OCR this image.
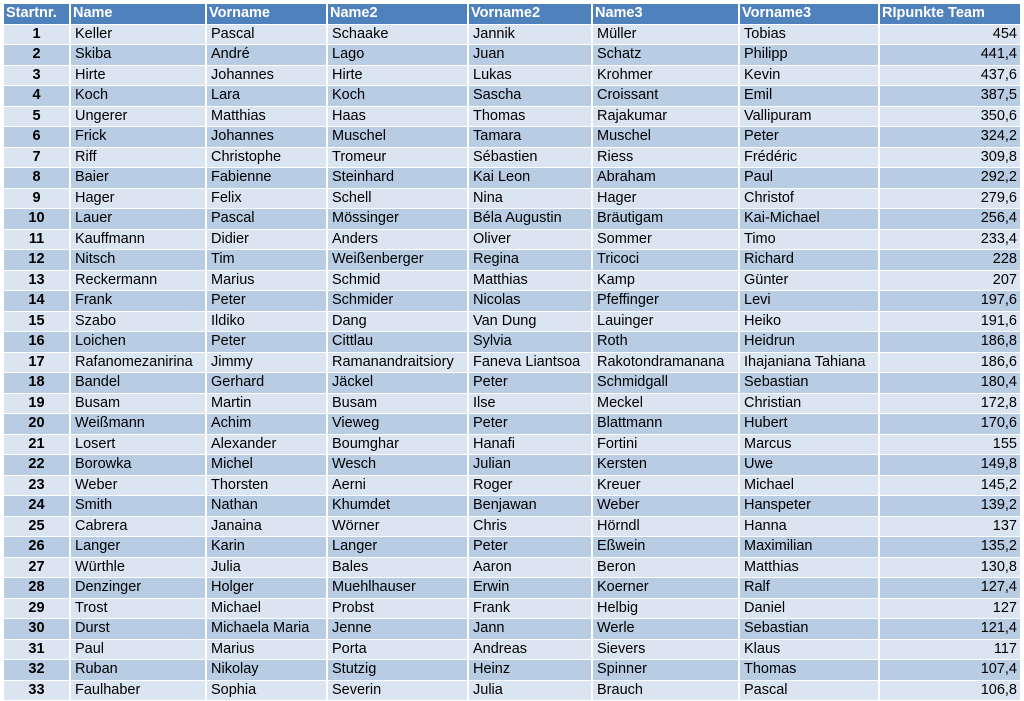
Startnr.	Name	Vorname	Name2	Vorname2	Name3	Vorname3	RIpunkte Team
1	Keller	Pascal	Schaake	Jannik	Müller	Tobias	454
2	Skiba	André	Lago	Juan	Schatz	Philipp	441,4
3	Hirte	Johannes	Hirte	Lukas	Krohmer	Kevin	437,6
4	Koch	Lara	Koch	Sascha	Croissant	Emil	387,5
5	Ungerer	Matthias	Haas	Thomas	Rajakumar	Vallipuram	350,6
6	Frick	Johannes	Muschel	Tamara	Muschel	Peter	324,2
7	Riff	Christophe	Tromeur	Sébastien	Riess	Frédéric	309,8
8	Baier	Fabienne	Steinhard	Kai Leon	Abraham	Paul	292,2
9	Hager	Felix	Schell	Nina	Hager	Christof	279,6
10	Lauer	Pascal	Mössinger	Béla Augustin	Bräutigam	Kai-Michael	256,4
11	Kauffmann	Didier	Anders	Oliver	Sommer	Timo	233,4
12	Nitsch	Tim	Weißenberger	Regina	Tricoci	Richard	228
13	Reckermann	Marius	Schmid	Matthias	Kamp	Günter	207
14	Frank	Peter	Schmider	Nicolas	Pfeffinger	Levi	197,6
15	Szabo	Ildiko	Dang	Van Dung	Lauinger	Heiko	191,6
16	Loichen	Peter	Cittlau	Sylvia	Roth	Heidrun	186,8
17	Rafanomezanirina	Jimmy	Ramanandraitsiory	Faneva Liantsoa	Rakotondramanana	Ihajaniana Tahiana	186,6
18	Bandel	Gerhard	Jäckel	Peter	Schmidgall	Sebastian	180,4
19	Busam	Martin	Busam	Ilse	Meckel	Christian	172,8
20	Weißmann	Achim	Vieweg	Peter	Blattmann	Hubert	170,6
21	Losert	Alexander	Boumghar	Hanafi	Fortini	Marcus	155
22	Borowka	Michel	Wesch	Julian	Kersten	Uwe	149,8
23	Weber	Thorsten	Aerni	Roger	Kreuer	Michael	145,2
24	Smith	Nathan	Khumdet	Benjawan	Weber	Hanspeter	139,2
25	Cabrera	Janaina	Wörner	Chris	Hörndl	Hanna	137
26	Langer	Karin	Langer	Peter	Eßwein	Maximilian	135,2
27	Würthle	Julia	Bales	Aaron	Beron	Matthias	130,8
28	Denzinger	Holger	Muehlhauser	Erwin	Koerner	Ralf	127,4
29	Trost	Michael	Probst	Frank	Helbig	Daniel	127
30	Durst	Michaela Maria	Jenne	Jann	Werle	Sebastian	121,4
31	Paul	Marius	Porta	Andreas	Sievers	Klaus	117
32	Ruban	Nikolay	Stutzig	Heinz	Spinner	Thomas	107,4
33	Faulhaber	Sophia	Severin	Julia	Brauch	Pascal	106,8
